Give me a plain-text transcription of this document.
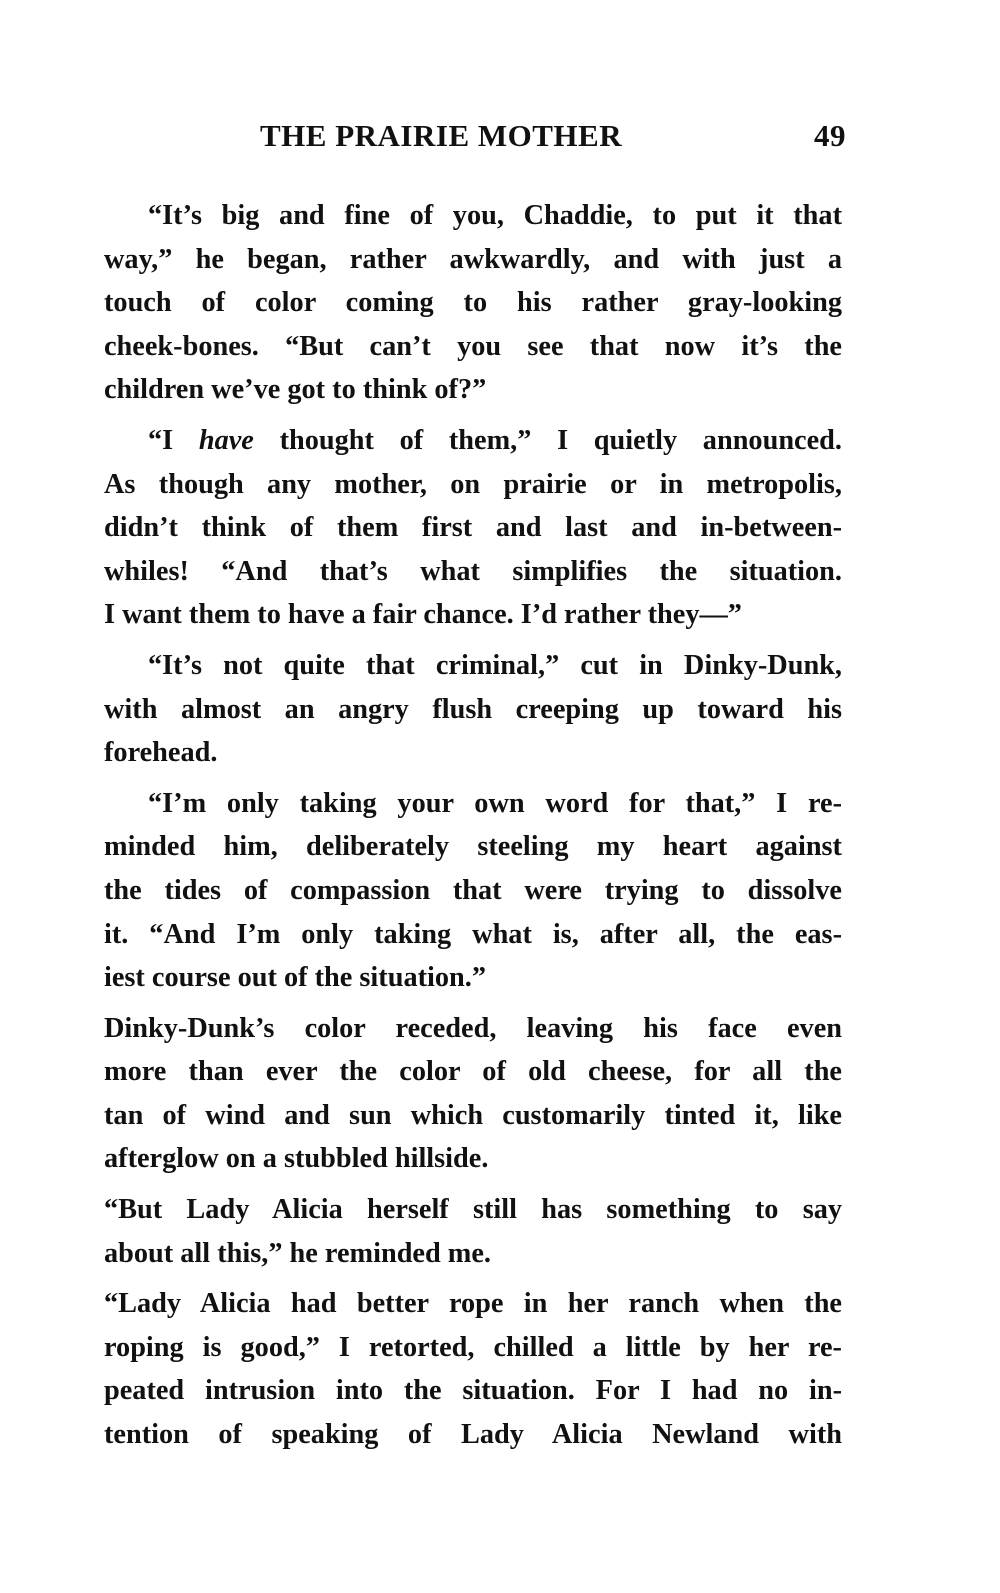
THE PRAIRIE MOTHER	49
“It’s big and fine of you, Chaddie, to put it that
way,” he began, rather awkwardly, and with just a
touch of color coming to his rather gray-looking
cheek-bones. “But can’t you see that now it’s the
children we’ve got to think of?”
“I have thought of them,” I quietly announced.
As though any mother, on prairie or in metropolis,
didn’t think of them first and last and in-between-
whiles! “And that’s what simplifies the situation.
I want them to have a fair chance. I’d rather they—”
“It’s not quite that criminal,” cut in Dinky-Dunk,
with almost an angry flush creeping up toward his
forehead.
“I’m only taking your own word for that,” I re-
minded him, deliberately steeling my heart against
the tides of compassion that were trying to dissolve
it. “And I’m only taking what is, after all, the eas-
iest course out of the situation.”
Dinky-Dunk’s color receded, leaving his face even
more than ever the color of old cheese, for all the
tan of wind and sun which customarily tinted it, like
afterglow on a stubbled hillside.
“But Lady Alicia herself still has something to say
about all this,” he reminded me.
“Lady Alicia had better rope in her ranch when the
roping is good,” I retorted, chilled a little by her re-
peated intrusion into the situation. For I had no in-
tention of speaking of Lady Alicia Newland with
